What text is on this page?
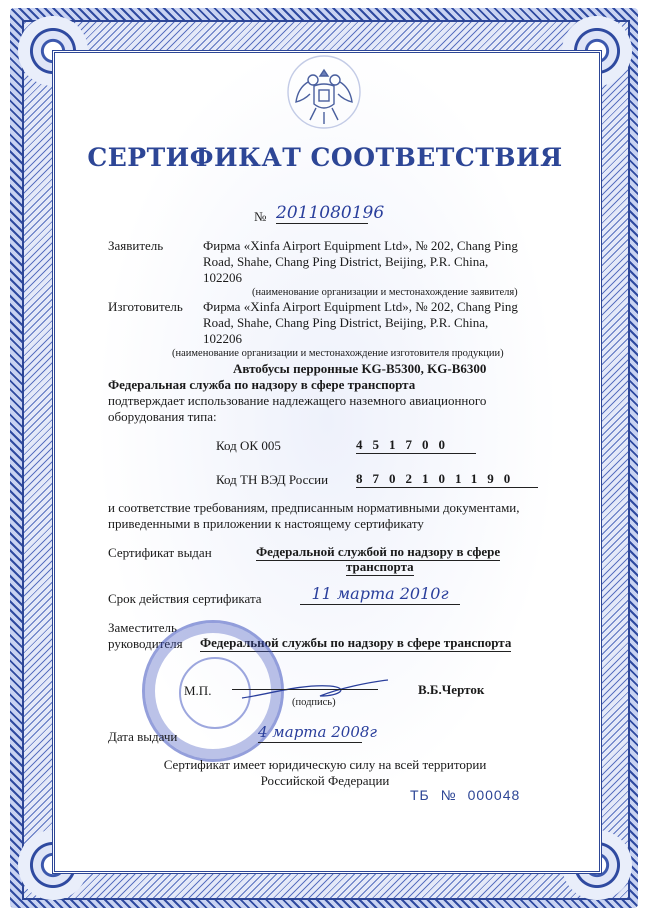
СЕРТИФИКАТ СООТВЕТСТВИЯ
№ 2011080196
Заявитель	Фирма «Xinfa Airport Equipment Ltd», № 202, Chang Ping
Road, Shahe, Chang Ping District, Beijing, P.R. China,
102206
(наименование организации и местонахождение заявителя)
Изготовитель Фирма «Xinfa Airport Equipment Ltd», № 202, Chang Ping
Road, Shahe, Chang Ping District, Beijing, P.R. China,
102206
(наименование организации и местонахождение изготовителя продукции)
Автобусы перронные KG-B5300, KG-B6300
Федеральная служба по надзору в сфере транспорта
подтверждает использование надлежащего наземного авиационного
оборудования типа:
Код ОК 005	451700
Код ТН ВЭД России 8702101190
и соответствие требованиям, предписанным нормативными документами,
приведенными в приложении к настоящему сертификату
Сертификат выдан	Федеральной службой по надзору в сфере
транспорта
Срок действия сертификата	11 марта 2010г
Заместитель
руководителя Федеральной службы по надзору в сфере транспорта
М.П.
(подпись)
В.Б.Черток
Дата выдачи	4 марта 2008г
Сертификат имеет юридическую силу на всей территории
Российской Федерации
ТБ № 000048
